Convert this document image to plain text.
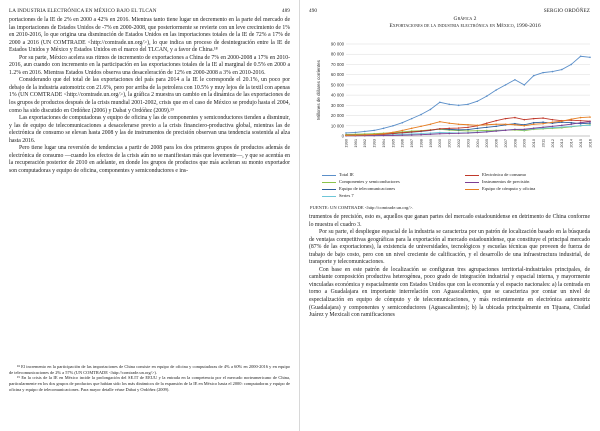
LA INDUSTRIA ELECTRÓNICA EN MÉXICO BAJO EL TLCAN	489

portaciones de la IE de 2% en 2000 a 42% en 2016. Mientras tanto tiene lugar un decremento en la parte del mercado de las importaciones de Estados Unidos de -7% en 2000-2008, que posteriormente se revierte con un leve crecimiento de 1% en 2010-2016, lo que origina una disminución de Estados Unidos en las importaciones totales de la IE de 72% a 17% de 2000 a 2016 (UN COMTRADE <http://comtrade.un.org/>), lo que indica un proceso de desintegración entre la IE de Estados Unidos y México y Estados Unidos en el marco del TLCAN, y a favor de China.¹⁸

Por su parte, México acelera sus ritmos de incremento de exportaciones a China de 7% en 2000-2008 a 17% en 2010-2016, aun cuando con incremento en la participación en las exportaciones totales de la IE al marginal de 0.5% en 2000 a 1.2% en 2016. Mientras Estados Unidos observa una desaceleración de 12% en 2000-2008 a 3% en 2010-2016.

Considerando que del total de las exportaciones del país para 2014 a la IE le corresponde el 20.1%, un poco por debajo de la industria automotriz con 21.6%, pero por arriba de la petrolera con 10.5% y muy lejos de la textil con apenas 1% (UN COMTRADE <http://comtrade.un.org/>), la gráfica 2 muestra un cambio en la dinámica de las exportaciones de los grupos de productos después de la crisis mundial 2001-2002, crisis que en el caso de México se produjo hasta el 2004, como ha sido discutido en Ordóñez (2006) y Dabat y Ordóñez (2009).¹⁹

Las exportaciones de computadoras y equipo de oficina y las de componentes y semiconductores tienden a disminuir, y las de equipo de telecomunicaciones a desacelerarse previo a la crisis financiero-productiva global, mientras las de electrónica de consumo se elevan hasta 2008 y las de instrumentos de precisión observan una tendencia sostenida al alza hasta 2016.

Pero tiene lugar una reversión de tendencias a partir de 2008 para los dos primeros grupos de productos además de electrónica de consumo —cuando los efectos de la crisis aún no se manifiestan más que levemente—, y que se acentúa en la recuperación posterior de 2010 en adelante, en donde los grupos de productos que más aceleran su monto exportador son computadoras y equipo de oficina, componentes y semiconductores e ins-

¹⁸ El incremento en la participación de las importaciones de China consiste en equipo de oficina y computadoras de 4% a 60% en 2000-2016 y en equipo de telecomunicaciones de 2% a 57% (UN COMTRADE <http://comtrade.un.org/>).

¹⁹ En la crisis de la IE en México incide la prolongación del SE.IT de EEUU y la entrada en la competencia por el mercado norteamericano de China, particularmente en los dos grupos de productos que habían sido los más dinámicos de la expansión de la IE en México hasta el 2000: computadoras y equipo de oficina y equipo de telecomunicaciones. Para mayor detalle véase Dabat y Ordóñez (2009).

490	SERGIO ORDÓÑEZ
Gráfica 2
Exportaciones de la industria electrónica en México, 1990-2016
0
10 000
20 000
30 000
40 000
50 000
60 000
70 000
80 000
90 000
Millones de dólares corrientes
1990 1991 1992 1993 1994 1995 1996 1997 1998 1999 2000 2001 2002 2003 2004 2005 2006 2007 2008 2009 2010 2011 2012 2013 2014 2015 2016
Total IE	Electrónica de consumo
Componentes y semiconductores	Instrumentos de precisión
Equipo de telecomunicaciones	Equipo de cómputo y oficina
Series 7
FUENTE: UN COMTRADE <http://comtrade.un.org/>.

trumentos de precisión, esto es, aquellos que ganan partes del mercado estadounidense en detrimento de China conforme lo muestra el cuadro 3.

Por su parte, el despliegue espacial de la industria se caracteriza por un patrón de localización basado en la búsqueda de ventajas competitivas geográficas para la exportación al mercado estadounidense, que constituye el principal mercado (87% de las exportaciones), la existencia de universidades, tecnológicos y escuelas técnicas que proveen de fuerza de trabajo de bajo costo, pero con un nivel creciente de calificación, y el desarrollo de una infraestructura industrial, de transporte y telecomunicaciones.

Con base en este patrón de localización se configuran tres agrupaciones territorial-industriales principales, de cambiante composición productiva heterogénea, poco grado de integración industrial y espacial interna, y mayormente vinculadas económica y espacialmente con Estados Unidos que con la economía y el espacio nacionales: a) la centrada en torno a Guadalajara en importante interrelación con Aguascalientes, que se caracteriza por contar un nivel de especialización en equipo de cómputo y de telecomunicaciones, y más recientemente en electrónica automotriz (Guadalajara) y componentes y semiconductores (Aguascalientes); b) la ubicada principalmente en Tijuana, Ciudad Juárez y Mexicali con ramificaciones
